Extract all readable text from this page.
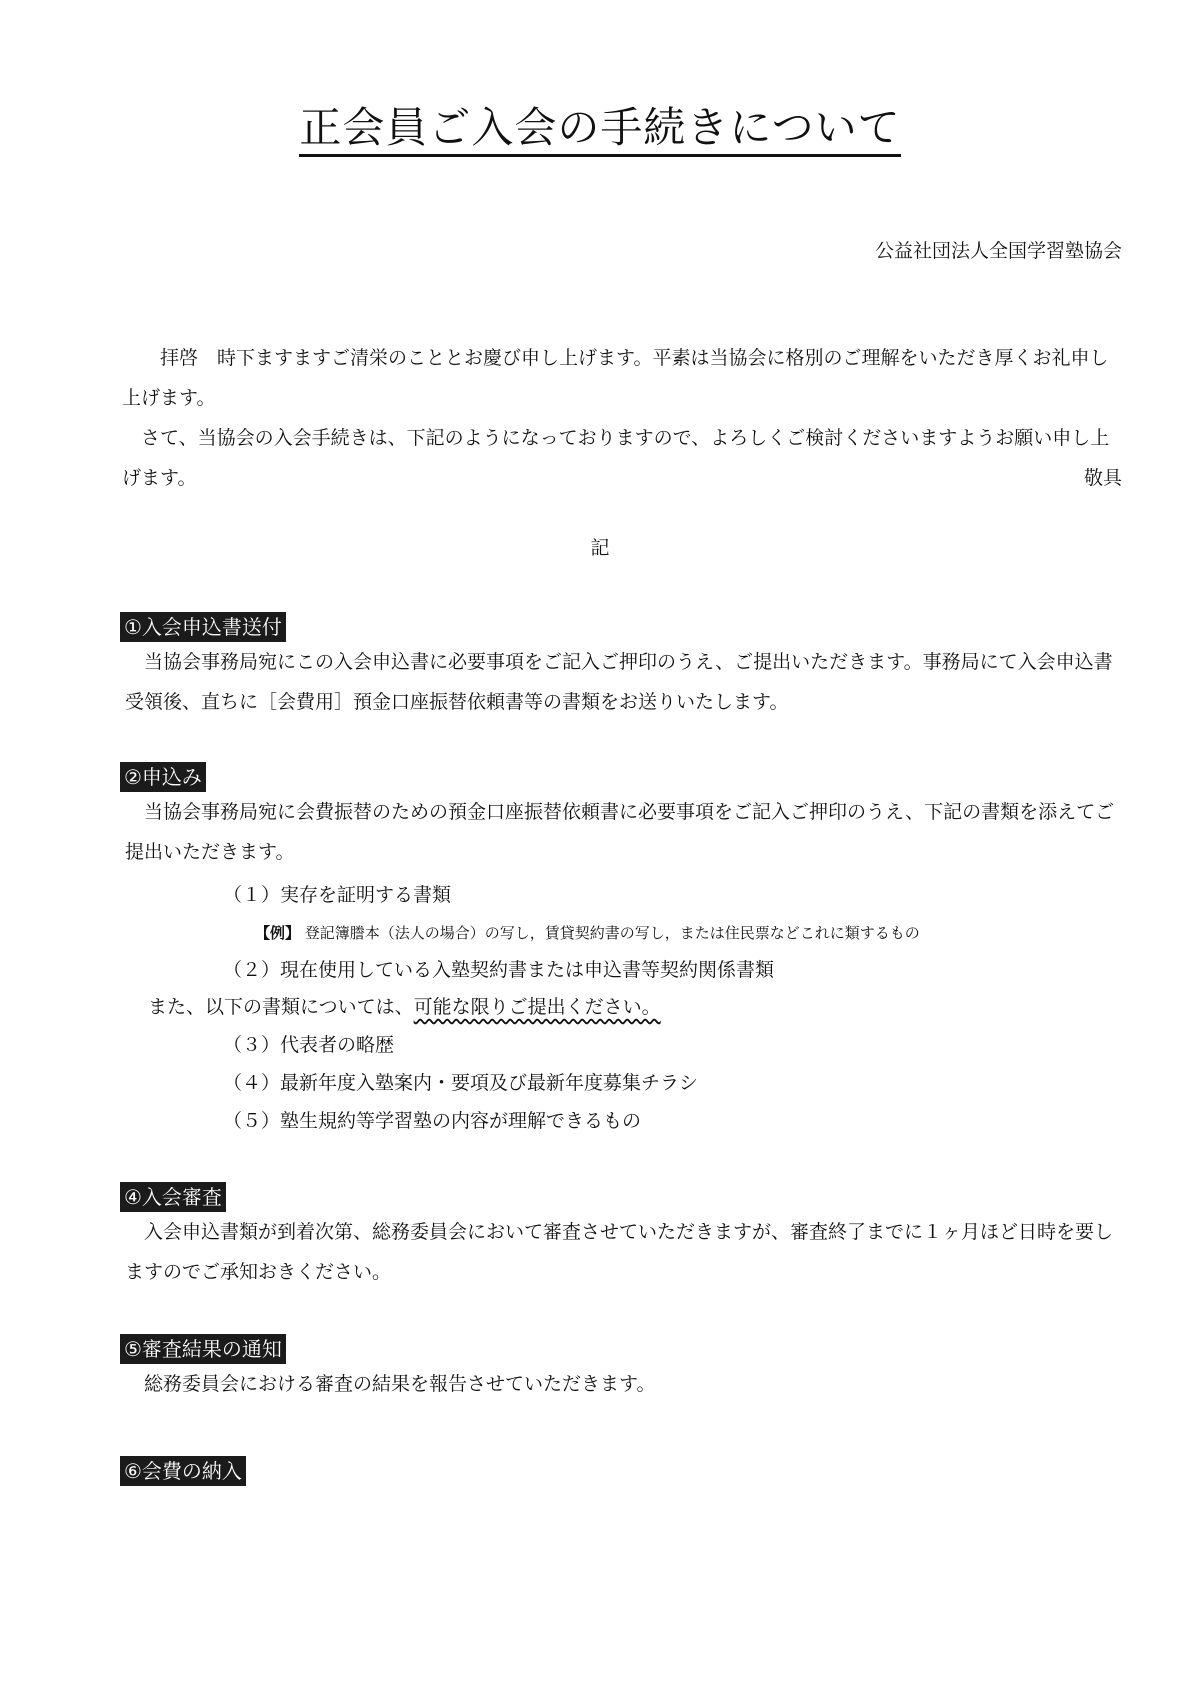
正会員ご入会の手続きについて
公益社団法人全国学習塾協会
拝啓　時下ますますご清栄のこととお慶び申し上げます。平素は当協会に格別のご理解をいただき厚くお礼申し上げます。
さて、当協会の入会手続きは、下記のようになっておりますので、よろしくご検討くださいますようお願い申し上げます。	敬具
記
①入会申込書送付
当協会事務局宛にこの入会申込書に必要事項をご記入ご押印のうえ、ご提出いただきます。事務局にて入会申込書受領後、直ちに［会費用］預金口座振替依頼書等の書類をお送りいたします。
②申込み
当協会事務局宛に会費振替のための預金口座振替依頼書に必要事項をご記入ご押印のうえ、下記の書類を添えてご提出いただきます。
（１）実存を証明する書類
【例】 登記簿謄本（法人の場合）の写し，賃貸契約書の写し，または住民票などこれに類するもの
（２）現在使用している入塾契約書または申込書等契約関係書類
また、以下の書類については、可能な限りご提出ください。
（３）代表者の略歴
（４）最新年度入塾案内・要項及び最新年度募集チラシ
（５）塾生規約等学習塾の内容が理解できるもの
④入会審査
入会申込書類が到着次第、総務委員会において審査させていただきますが、審査終了までに１ヶ月ほど日時を要しますのでご承知おきください。
⑤審査結果の通知
総務委員会における審査の結果を報告させていただきます。
⑥会費の納入
